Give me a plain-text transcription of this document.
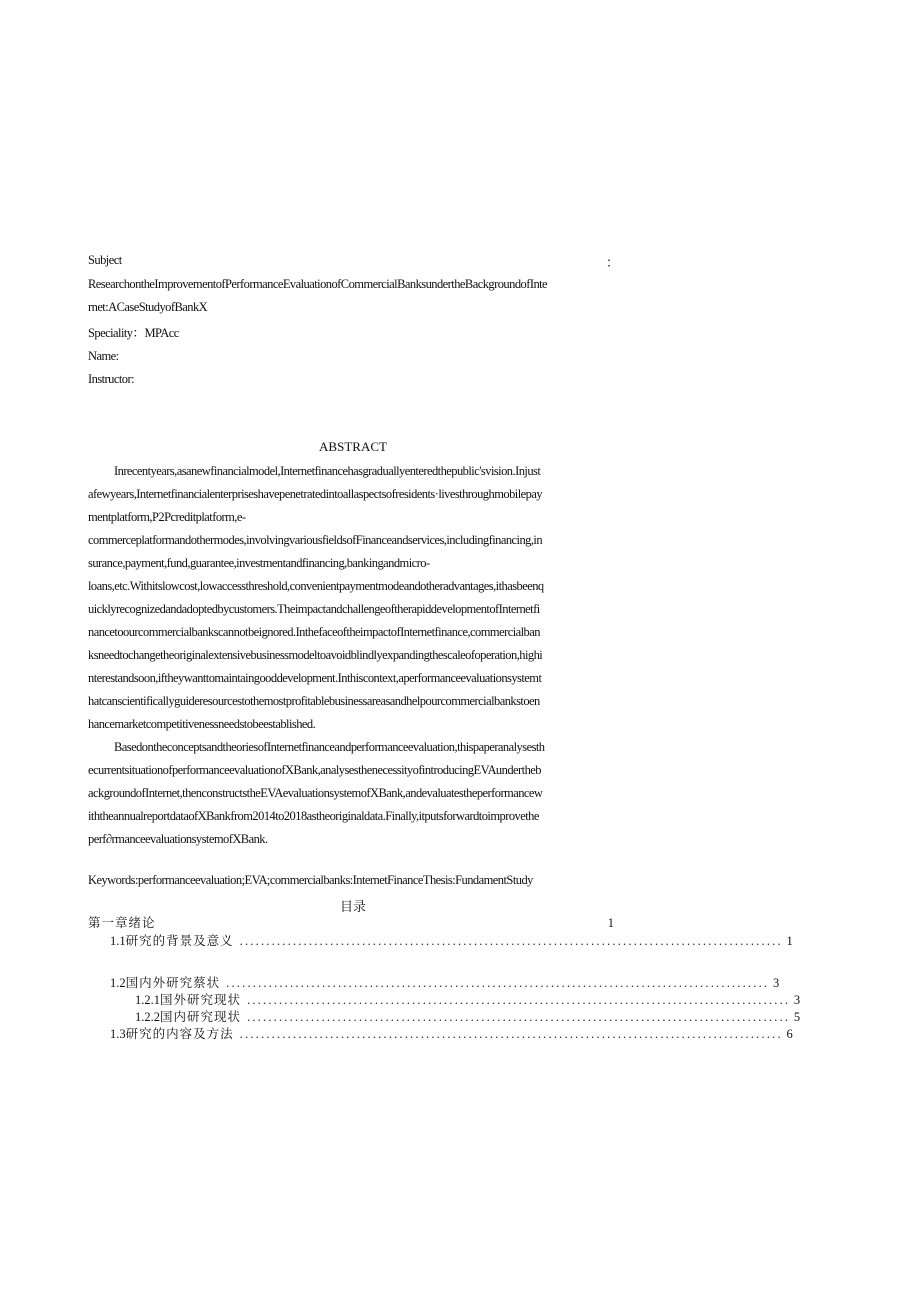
Subject	：
ResearchontheImprovementofPerformanceEvaluationofCommercialBanksundertheBackgroundofInte
rnet:ACaseStudyofBankX
Speciality：MPAcc
Name:
Instructor:
ABSTRACT
Inrecentyears,asanewfinancialmodel,Internetfinancehasgraduallyenteredthepublic'svision.Injust
afewyears,Internetfinancialenterpriseshavepenetratedintoallaspectsofresidents·livesthroughmobilepay
mentplatform,P2Pcreditplatform,e-
commerceplatformandothermodes,involvingvariousfieldsofFinanceandservices,includingfinancing,in
surance,payment,fund,guarantee,investmentandfinancing,bankingandmicro-
loans,etc.Withitslowcost,lowaccessthreshold,convenientpaymentmodeandotheradvantages,ithasbeenq
uicklyrecognizedandadoptedbycustomers.TheimpactandchallengeoftherapiddevelopmentofInternetfi
nancetoourcommercialbankscannotbeignored.InthefaceoftheimpactofInternetfinance,commercialban
ksneedtochangetheoriginalextensivebusinessmodeltoavoidblindlyexpandingthescaleofoperation,highi
nterestandsoon,iftheywanttomaintaingooddevelopment.Inthiscontext,aperformanceevaluationsystemt
hatcanscientificallyguideresourcestothemostprofitablebusinessareasandhelpourcommercialbankstoen
hancemarketcompetitivenessneedstobeestablished.
BasedontheconceptsandtheoriesofInternetfinanceandperformanceevaluation,thispaperanalysesth
ecurrentsituationofperformanceevaluationofXBank,analysesthenecessityofintroducingEVAundertheb
ackgroundofInternet,thenconstructstheEVAevaluationsystemofXBank,andevaluatestheperformancew
iththeannualreportdataofXBankfrom2014to2018astheoriginaldata.Finally,itputsforwardtoimprovethe
perf∂rmanceevaluationsystemofXBank.
Keywords:performanceevaluation;EVA;commercialbanks:InternetFinanceThesis:FundamentStudy
目录
第一章绪论	1
1.1 研究的背景及意义 ...................................................................................................... 1
1.2 国内外研究蔡状 ...................................................................................................... 3
1.2.1 国外研究现状 ...................................................................................................... 3
1.2.2 国内研究现状 ...................................................................................................... 5
1.3 研究的内容及方法 ...................................................................................................... 6
